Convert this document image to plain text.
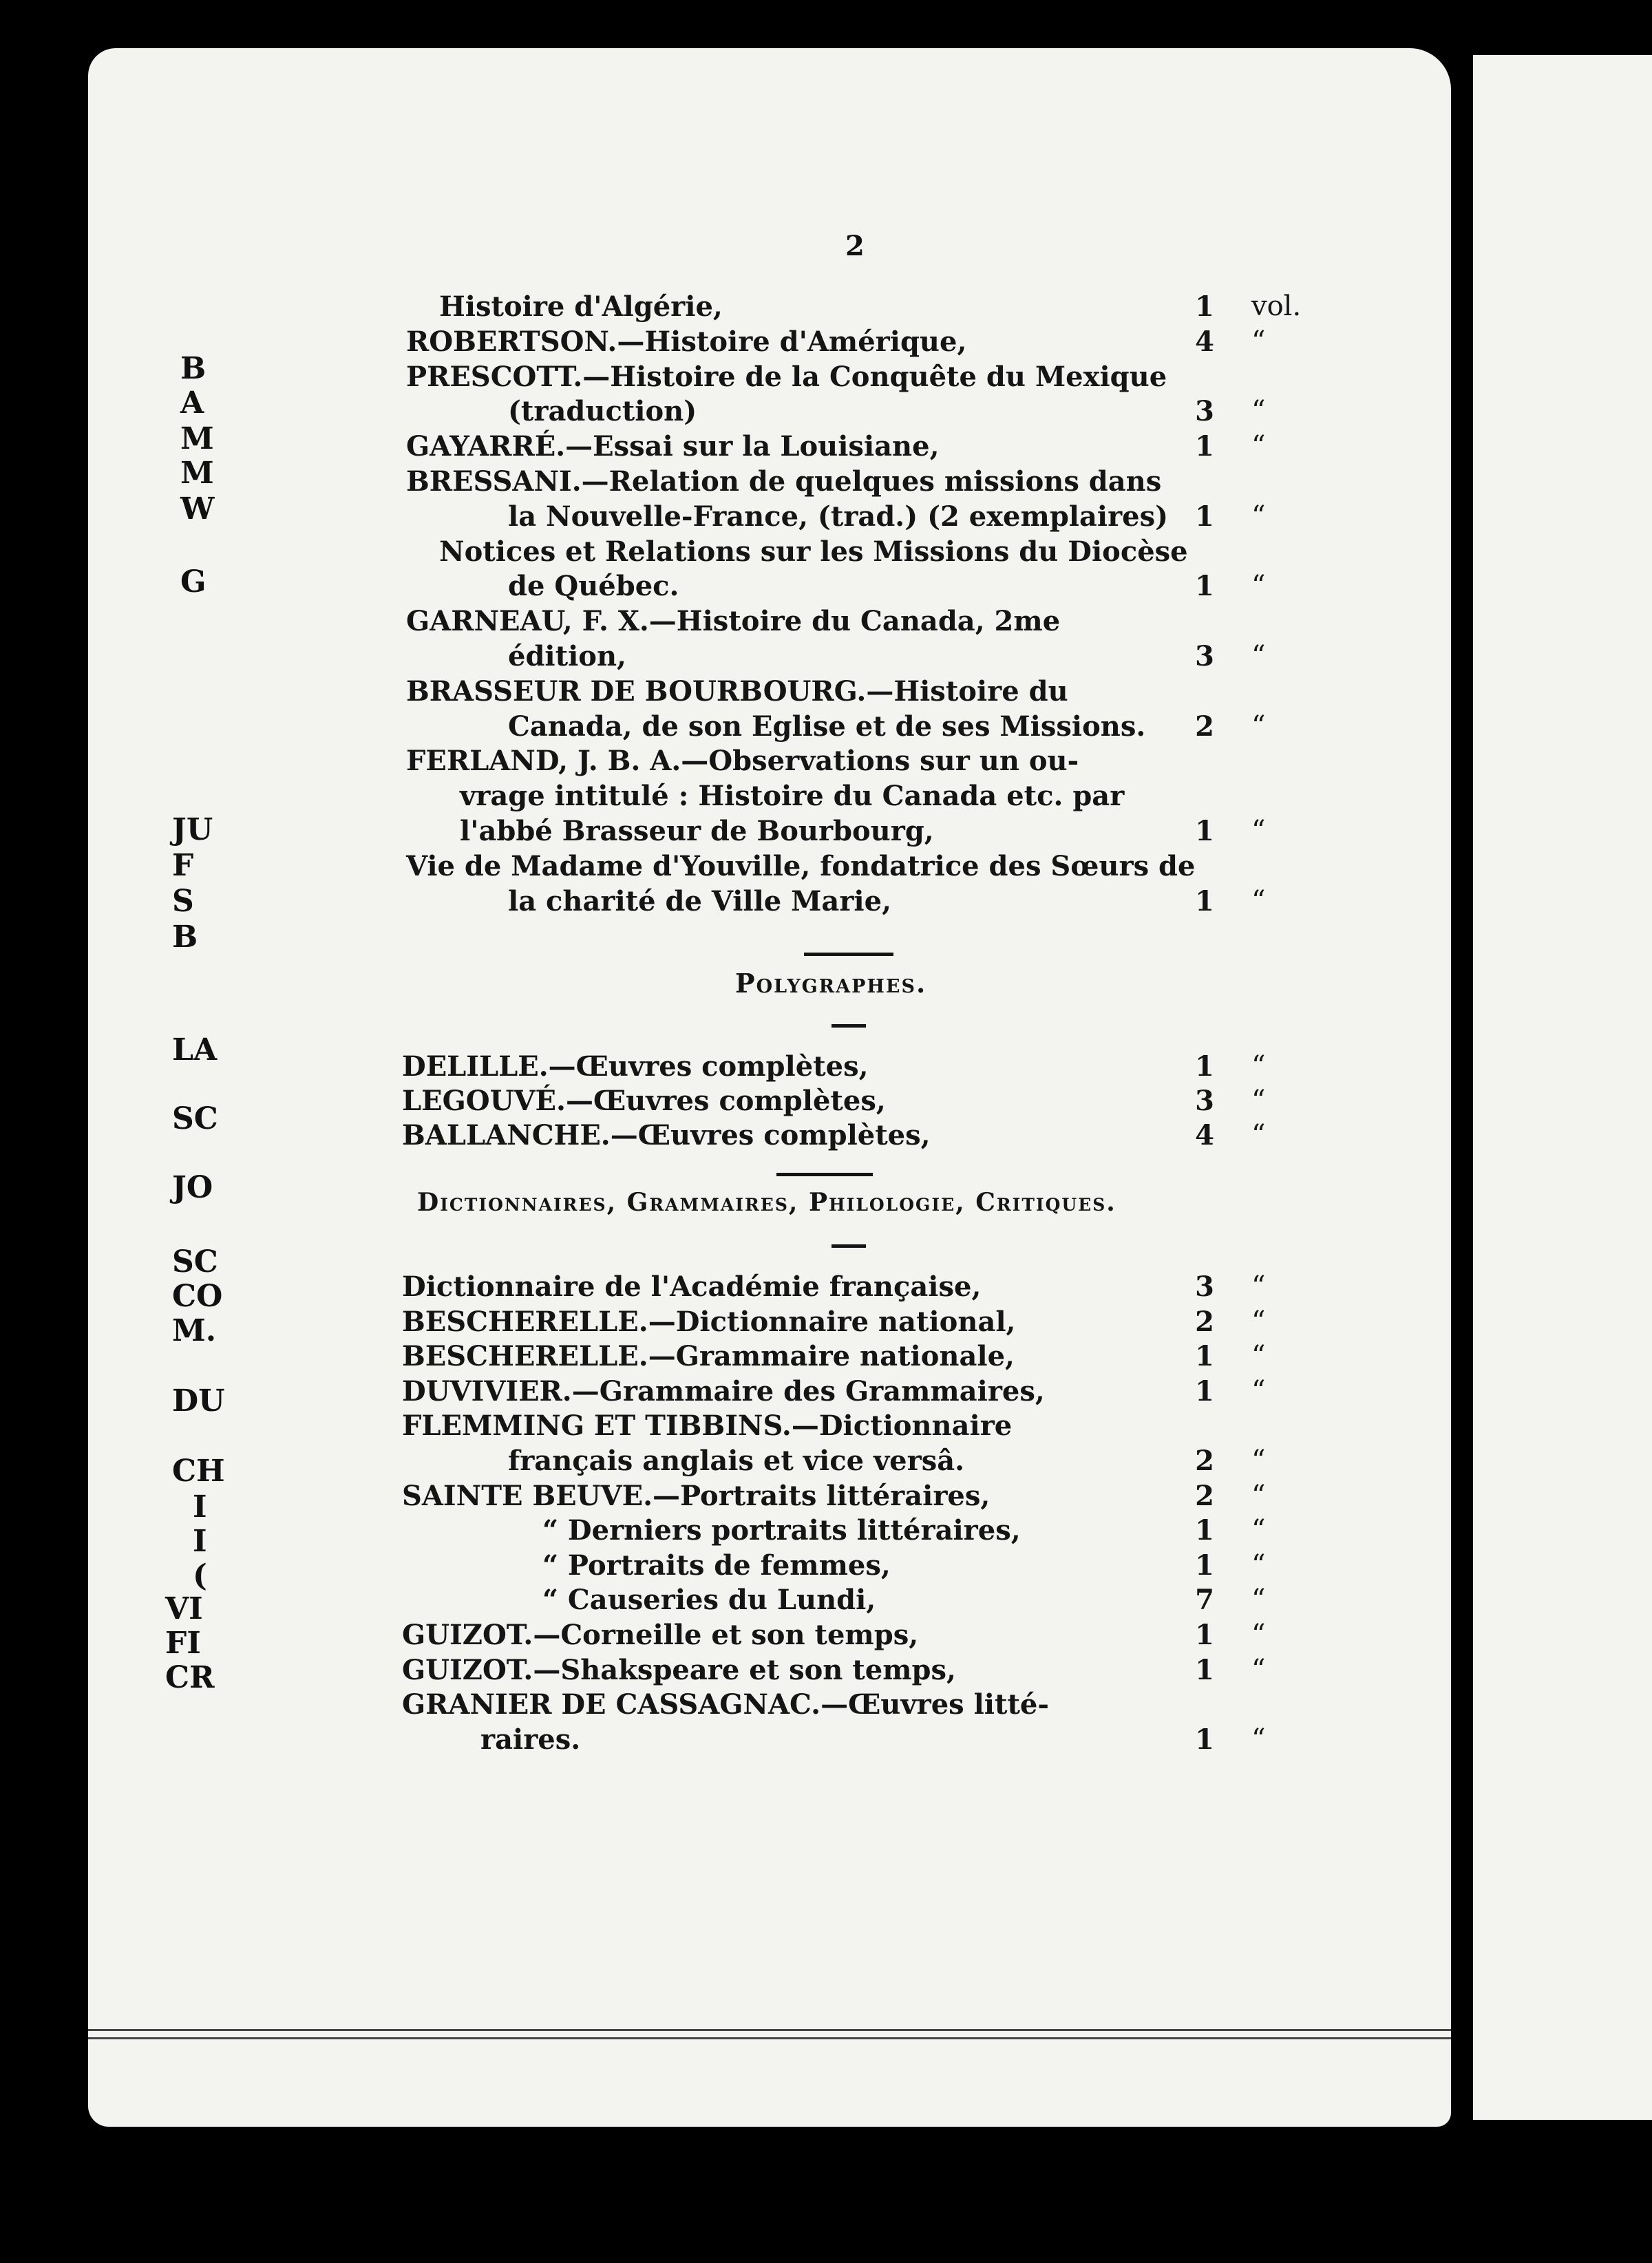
2
Histoire d'Algérie,	1 vol.
ROBERTSON.—Histoire d'Amérique,	4 “
PRESCOTT.—Histoire de la Conquête du Mexique
(traduction)	3 “
GAYARRÉ.—Essai sur la Louisiane,	1 “
BRESSANI.—Relation de quelques missions dans
la Nouvelle-France, (trad.) (2 exemplaires) 1 “
Notices et Relations sur les Missions du Diocèse
de Québec.	1 “
GARNEAU, F. X.—Histoire du Canada, 2me
édition,	3 “
BRASSEUR DE BOURBOURG.—Histoire du
Canada, de son Eglise et de ses Missions. 2 “
FERLAND, J. B. A.—Observations sur un ou-
vrage intitulé : Histoire du Canada etc. par
l'abbé Brasseur de Bourbourg,	1 “
Vie de Madame d'Youville, fondatrice des Sœurs de
la charité de Ville Marie,	1 “
Polygraphes.
DELILLE.—Œuvres complètes,	1 “
LEGOUVÉ.—Œuvres complètes,	3 “
BALLANCHE.—Œuvres complètes,	4 “
Dictionnaires, Grammaires, Philologie, Critiques.
Dictionnaire de l'Académie française,	3 “
BESCHERELLE.—Dictionnaire national,	2 “
BESCHERELLE.—Grammaire nationale,	1 “
DUVIVIER.—Grammaire des Grammaires,	1 “
FLEMMING ET TIBBINS.—Dictionnaire
français anglais et vice versâ.	2 “
SAINTE BEUVE.—Portraits littéraires,	2 “
“ Derniers portraits littéraires,	1 “
“ Portraits de femmes,	1 “
“ Causeries du Lundi,	7 “
GUIZOT.—Corneille et son temps,	1 “
GUIZOT.—Shakspeare et son temps,	1 “
GRANIER DE CASSAGNAC.—Œuvres litté-
raires.	1 “
B
A
M
M
W
G
JU
F
S
B
LA
SC
JO
SC
CO
M.
DU
CH
I
I
(
VI
FI
CR
